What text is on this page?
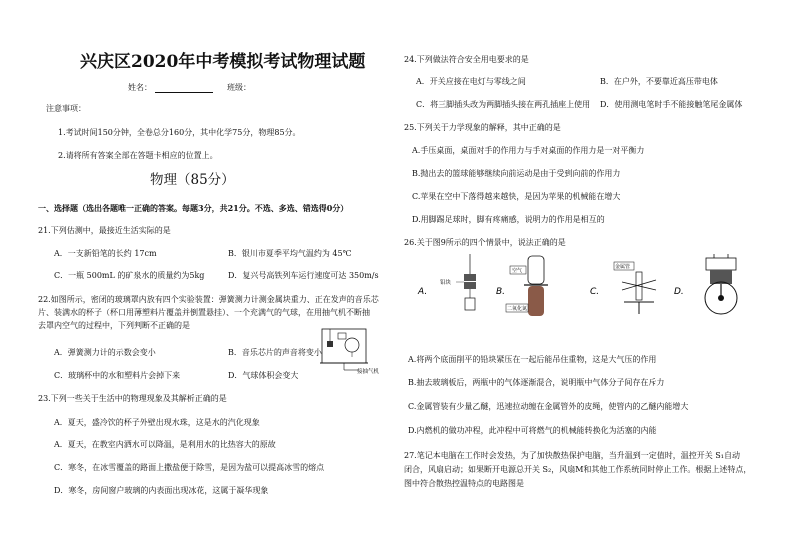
兴庆区2020年中考模拟考试物理试题
姓名：	班级：
注意事项：
1.考试时间150分钟，全卷总分160分，其中化学75分，物理85分。
2.请将所有答案全部在答题卡相应的位置上。
物理（85分）
一、选择题（选出各题唯一正确的答案。每题3分，共21分。不选、多选、错选得0分）
21.下列估测中，最接近生活实际的是
A．一支新铅笔的长约 17cm	B．银川市夏季平均气温约为 45℃
C．一瓶 500mL 的矿泉水的质量约为5kg	D．复兴号高铁列车运行速度可达 350m/s
22.如图所示，密闭的玻璃罩内放有四个实验装置：弹簧测力计测金属块重力、正在发声的音乐芯
片、装满水的杯子（杯口用薄塑料片覆盖并倒置悬挂）、一个充满气的气球，在用抽气机不断抽
去罩内空气的过程中，下列判断不正确的是
A．弹簧测力计的示数会变小	B．音乐芯片的声音将变小
C．玻璃杯中的水和塑料片会掉下来	D．气球体积会变大	接抽气机
23.下列一些关于生活中的物理现象及其解析正确的是
A．夏天，盛冷饮的杯子外壁出现水珠，这是水的汽化现象
A．夏天，在教室内洒水可以降温，是利用水的比热容大的原故
C．寒冬，在冰雪覆盖的路面上撒盐便于除雪，是因为盐可以提高冰雪的熔点
D．寒冬，房间窗户玻璃的内表面出现冰花，这属于凝华现象
24.下列做法符合安全用电要求的是
A．开关应接在电灯与零线之间	B．在户外，不要靠近高压带电体
C．将三脚插头改为两脚插头接在两孔插座上使用 D．使用测电笔时手不能接触笔尾金属体
25.下列关于力学现象的解释，其中正确的是
A.手压桌面，桌面对手的作用力与手对桌面的作用力是一对平衡力
B.抛出去的篮球能够继续向前运动是由于受到向前的作用力
C.苹果在空中下落得越来越快，是因为苹果的机械能在增大
D.用脚踢足球时，脚有疼痛感，说明力的作用是相互的
26.关于图9所示的四个情景中，说法正确的是
A.
铅块
B.
空气
二氧化氮
C.
金属管
D.
A.将两个底面削平的铅块紧压在一起后能吊住重物，这是大气压的作用
B.抽去玻璃板后，两瓶中的气体逐渐混合，说明瓶中气体分子间存在斥力
C.金属管装有少量乙醚，迅速拉动缠在金属管外的皮绳，使管内的乙醚内能增大
D.内燃机的做功冲程，此冲程中可将燃气的机械能转换化为活塞的内能
27.笔记本电脑在工作时会发热，为了加快散热保护电脑，当升温到一定值时，温控开关 S₁自动
闭合，风扇启动；如果断开电源总开关 S₂，风扇M和其他工作系统同时停止工作。根据上述特点，
图中符合散热控温特点的电路图是
